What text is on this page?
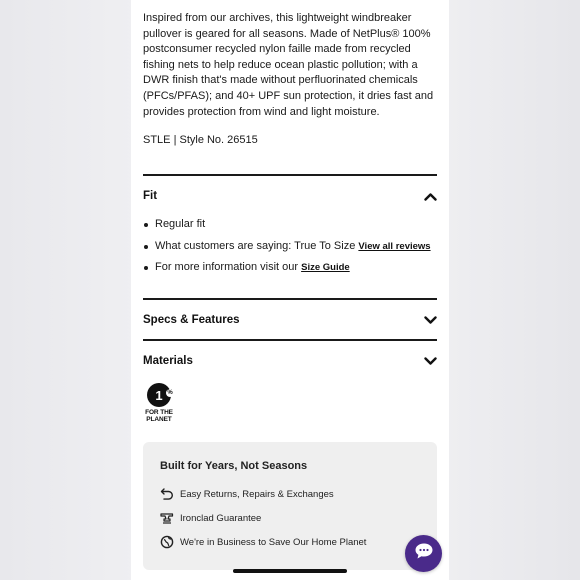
Inspired from our archives, this lightweight windbreaker pullover is geared for all seasons. Made of NetPlus® 100% postconsumer recycled nylon faille made from recycled fishing nets to help reduce ocean plastic pollution; with a DWR finish that's made without perfluorinated chemicals (PFCs/PFAS); and 40+ UPF sun protection, it dries fast and provides protection from wind and light moisture.

STLE | Style No. 26515

Fit
Regular fit
What customers are saying: True To Size View all reviews
For more information visit our Size Guide
Specs & Features
Materials
1 %
FOR THE
PLANET
Built for Years, Not Seasons
Easy Returns, Repairs & Exchanges
Ironclad Guarantee
We're in Business to Save Our Home Planet
